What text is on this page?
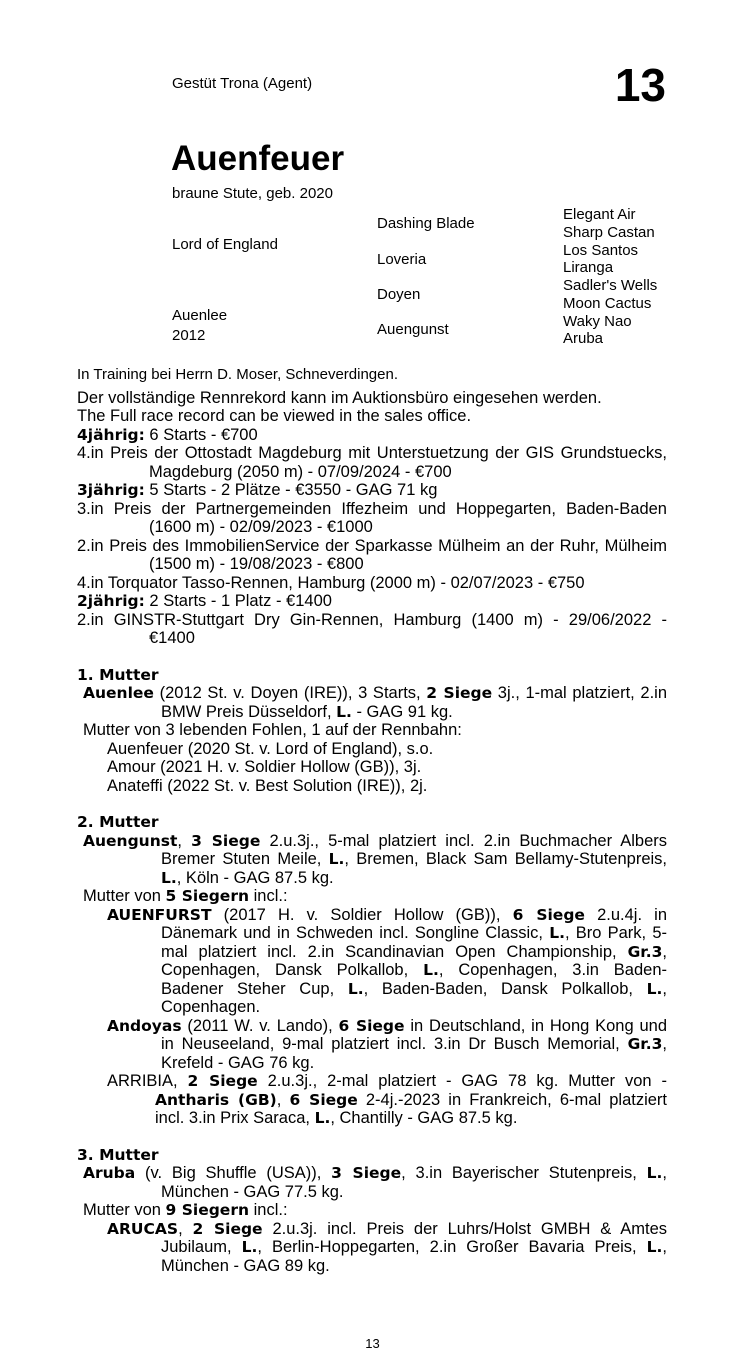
Gestüt Trona (Agent)	13
Auenfeuer
braune Stute, geb. 2020
Lord of England
Auenlee
2012
Dashing Blade
Loveria
Doyen
Auengunst
Elegant Air
Sharp Castan
Los Santos
Liranga
Sadler's Wells
Moon Cactus
Waky Nao
Aruba

In Training bei Herrn D. Moser, Schneverdingen.

Der vollständige Rennrekord kann im Auktionsbüro eingesehen werden.

The Full race record can be viewed in the sales office.

4jährig: 6 Starts - €700

4.in Preis der Ottostadt Magdeburg mit Unterstuetzung der GIS Grundstuecks, Magdeburg (2050 m) - 07/09/2024 - €700

3jährig: 5 Starts - 2 Plätze - €3550 - GAG 71 kg

3.in Preis der Partnergemeinden Iffezheim und Hoppegarten, Baden-Baden (1600 m) - 02/09/2023 - €1000

2.in Preis des ImmobilienService der Sparkasse Mülheim an der Ruhr, Mülheim (1500 m) - 19/08/2023 - €800

4.in Torquator Tasso-Rennen, Hamburg (2000 m) - 02/07/2023 - €750

2jährig: 2 Starts - 1 Platz - €1400

2.in GINSTR-Stuttgart Dry Gin-Rennen, Hamburg (1400 m) - 29/06/2022 - €1400

1. Mutter

Auenlee (2012 St. v. Doyen (IRE)), 3 Starts, 2 Siege 3j., 1-mal platziert, 2.in BMW Preis Düsseldorf, L. - GAG 91 kg.

Mutter von 3 lebenden Fohlen, 1 auf der Rennbahn:

Auenfeuer (2020 St. v. Lord of England), s.o.

Amour (2021 H. v. Soldier Hollow (GB)), 3j.

Anateffi (2022 St. v. Best Solution (IRE)), 2j.

2. Mutter

Auengunst, 3 Siege 2.u.3j., 5-mal platziert incl. 2.in Buchmacher Albers Bremer Stuten Meile, L., Bremen, Black Sam Bellamy-Stutenpreis, L., Köln - GAG 87.5 kg.

Mutter von 5 Siegern incl.:

AUENFURST (2017 H. v. Soldier Hollow (GB)), 6 Siege 2.u.4j. in Dänemark und in Schweden incl. Songline Classic, L., Bro Park, 5-mal platziert incl. 2.in Scandinavian Open Championship, Gr.3, Copenhagen, Dansk Polkallob, L., Copenhagen, 3.in Baden-Badener Steher Cup, L., Baden-Baden, Dansk Polkallob, L., Copenhagen.

Andoyas (2011 W. v. Lando), 6 Siege in Deutschland, in Hong Kong und in Neuseeland, 9-mal platziert incl. 3.in Dr Busch Memorial, Gr.3, Krefeld - GAG 76 kg.

ARRIBIA, 2 Siege 2.u.3j., 2-mal platziert - GAG 78 kg. Mutter von - Antharis (GB), 6 Siege 2-4j.-2023 in Frankreich, 6-mal platziert incl. 3.in Prix Saraca, L., Chantilly - GAG 87.5 kg.

3. Mutter

Aruba (v. Big Shuffle (USA)), 3 Siege, 3.in Bayerischer Stutenpreis, L., München - GAG 77.5 kg.

Mutter von 9 Siegern incl.:

ARUCAS, 2 Siege 2.u.3j. incl. Preis der Luhrs/Holst GMBH & Amtes Jubilaum, L., Berlin-Hoppegarten, 2.in Großer Bavaria Preis, L., München - GAG 89 kg.

13
